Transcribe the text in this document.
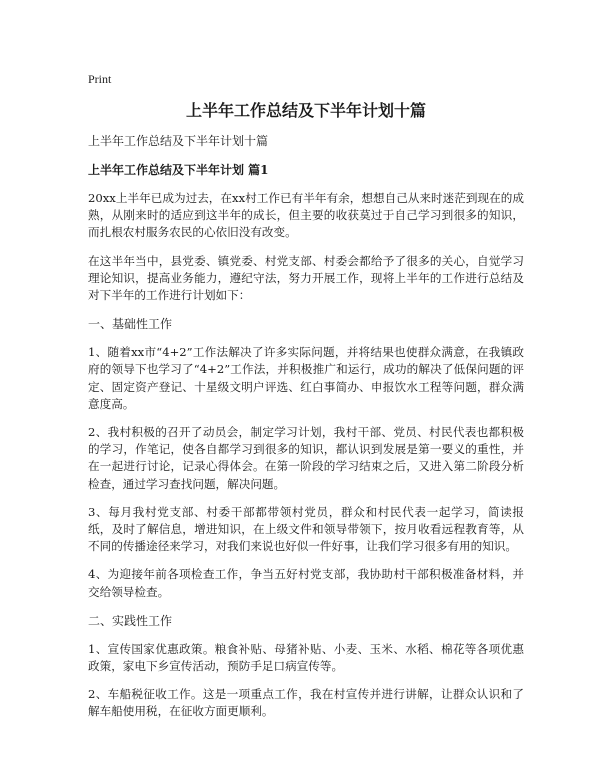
Print

上半年工作总结及下半年计划十篇

上半年工作总结及下半年计划十篇

上半年工作总结及下半年计划 篇1

20xx上半年已成为过去，在xx村工作已有半年有余，想想自己从来时迷茫到现在的成熟，从刚来时的适应到这半年的成长，但主要的收获莫过于自己学习到很多的知识，而扎根农村服务农民的心依旧没有改变。

在这半年当中，县党委、镇党委、村党支部、村委会都给予了很多的关心，自觉学习理论知识，提高业务能力，遵纪守法，努力开展工作，现将上半年的工作进行总结及对下半年的工作进行计划如下：

一、基础性工作

1、随着xx市“4+2”工作法解决了许多实际问题，并将结果也使群众满意，在我镇政府的领导下也学习了“4+2”工作法，并积极推广和运行，成功的解决了低保问题的评定、固定资产登记、十星级文明户评选、红白事简办、申报饮水工程等问题，群众满意度高。

2、我村积极的召开了动员会，制定学习计划，我村干部、党员、村民代表也都积极的学习，作笔记，使各自都学习到很多的知识，都认识到发展是第一要义的重性，并在一起进行讨论，记录心得体会。在第一阶段的学习结束之后，又进入第二阶段分析检查，通过学习查找问题，解决问题。

3、每月我村党支部、村委干部都带领村党员，群众和村民代表一起学习，简读报纸，及时了解信息，增进知识，在上级文件和领导带领下，按月收看远程教育等，从不同的传播途径来学习，对我们来说也好似一件好事，让我们学习很多有用的知识。

4、为迎接年前各项检查工作，争当五好村党支部，我协助村干部积极准备材料，并交给领导检查。

二、实践性工作

1、宣传国家优惠政策。粮食补贴、母猪补贴、小麦、玉米、水稻、棉花等各项优惠政策，家电下乡宣传活动，预防手足口病宣传等。

2、车船税征收工作。这是一项重点工作，我在村宣传并进行讲解，让群众认识和了解车船使用税，在征收方面更顺利。
